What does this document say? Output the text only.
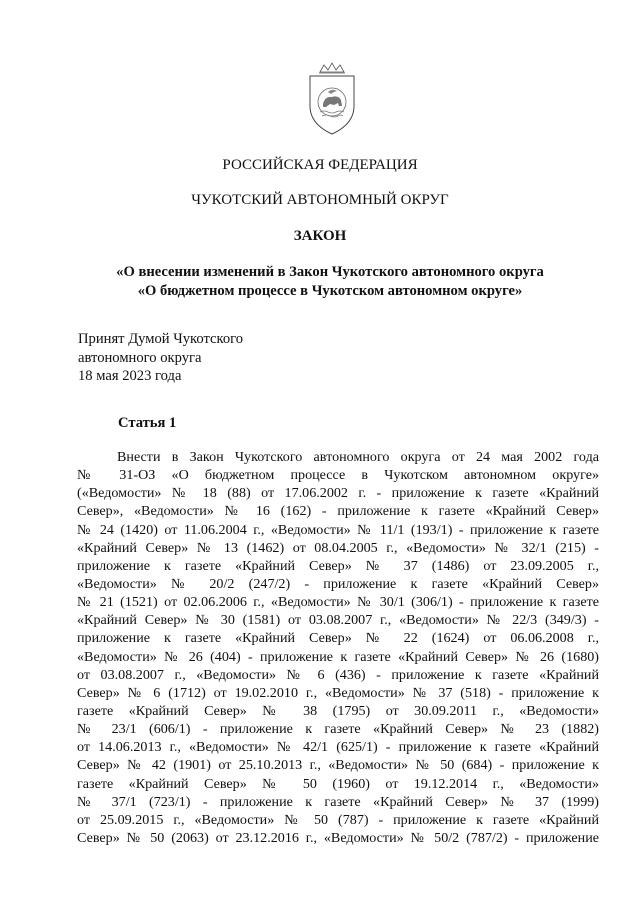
РОССИЙСКАЯ ФЕДЕРАЦИЯ
ЧУКОТСКИЙ АВТОНОМНЫЙ ОКРУГ
ЗАКОН
«О внесении изменений в Закон Чукотского автономного округа
«О бюджетном процессе в Чукотском автономном округе»
Принят Думой Чукотского
автономного округа
18 мая 2023 года
Статья 1
Внести в Закон Чукотского автономного округа от 24 мая 2002 года
№ 31-ОЗ «О бюджетном процессе в Чукотском автономном округе»
(«Ведомости» № 18 (88) от 17.06.2002 г. - приложение к газете «Крайний
Север», «Ведомости» № 16 (162) - приложение к газете «Крайний Север»
№ 24 (1420) от 11.06.2004 г., «Ведомости» № 11/1 (193/1) - приложение к газете
«Крайний Север» № 13 (1462) от 08.04.2005 г., «Ведомости» № 32/1 (215) -
приложение к газете «Крайний Север» № 37 (1486) от 23.09.2005 г.,
«Ведомости» № 20/2 (247/2) - приложение к газете «Крайний Север»
№ 21 (1521) от 02.06.2006 г., «Ведомости» № 30/1 (306/1) - приложение к газете
«Крайний Север» № 30 (1581) от 03.08.2007 г., «Ведомости» № 22/3 (349/3) -
приложение к газете «Крайний Север» № 22 (1624) от 06.06.2008 г.,
«Ведомости» № 26 (404) - приложение к газете «Крайний Север» № 26 (1680)
от 03.08.2007 г., «Ведомости» № 6 (436) - приложение к газете «Крайний
Север» № 6 (1712) от 19.02.2010 г., «Ведомости» № 37 (518) - приложение к
газете «Крайний Север» № 38 (1795) от 30.09.2011 г., «Ведомости»
№ 23/1 (606/1) - приложение к газете «Крайний Север» № 23 (1882)
от 14.06.2013 г., «Ведомости» № 42/1 (625/1) - приложение к газете «Крайний
Север» № 42 (1901) от 25.10.2013 г., «Ведомости» № 50 (684) - приложение к
газете «Крайний Север» № 50 (1960) от 19.12.2014 г., «Ведомости»
№ 37/1 (723/1) - приложение к газете «Крайний Север» № 37 (1999)
от 25.09.2015 г., «Ведомости» № 50 (787) - приложение к газете «Крайний
Север» № 50 (2063) от 23.12.2016 г., «Ведомости» № 50/2 (787/2) - приложение
